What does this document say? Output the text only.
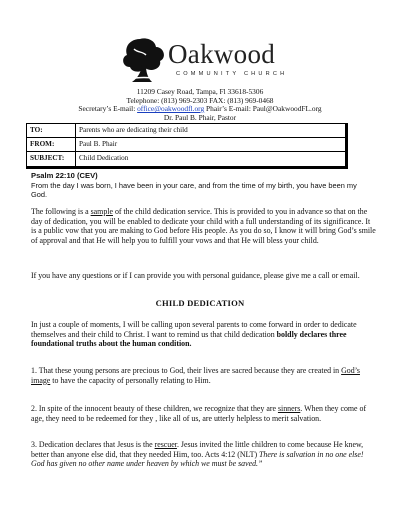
Oakwood
COMMUNITY CHURCH
11209 Casey Road, Tampa, Fl 33618-5306
Telephone: (813) 969-2303 FAX: (813) 969-0468
Secretary’s E-mail: office@oakwoodfl.org Phair’s E-mail: Paul@OakwoodFL.org
Dr. Paul B. Phair, Pastor
TO:	Parents who are dedicating their child
FROM:	Paul B. Phair
SUBJECT: Child Dedication
Psalm 22:10 (CEV)
From the day I was born, I have been in your care, and from the time of my birth, you have been my God.
The following is a sample of the child dedication service. This is provided to you in advance so that on the day of dedication, you will be enabled to dedicate your child with a full understanding of its significance. It is a public vow that you are making to God before His people. As you do so, I know it will bring God’s smile of approval and that He will help you to fulfill your vows and that He will bless your child.
If you have any questions or if I can provide you with personal guidance, please give me a call or email.
CHILD DEDICATION
In just a couple of moments, I will be calling upon several parents to come forward in order to dedicate themselves and their child to Christ. I want to remind us that child dedication boldly declares three foundational truths about the human condition.
1. That these young persons are precious to God, their lives are sacred because they are created in God’s image to have the capacity of personally relating to Him.
2. In spite of the innocent beauty of these children, we recognize that they are sinners. When they come of age, they need to be redeemed for they , like all of us, are utterly helpless to merit salvation.
3. Dedication declares that Jesus is the rescuer. Jesus invited the little children to come because He knew, better than anyone else did, that they needed Him, too. Acts 4:12 (NLT) There is salvation in no one else! God has given no other name under heaven by which we must be saved.”
